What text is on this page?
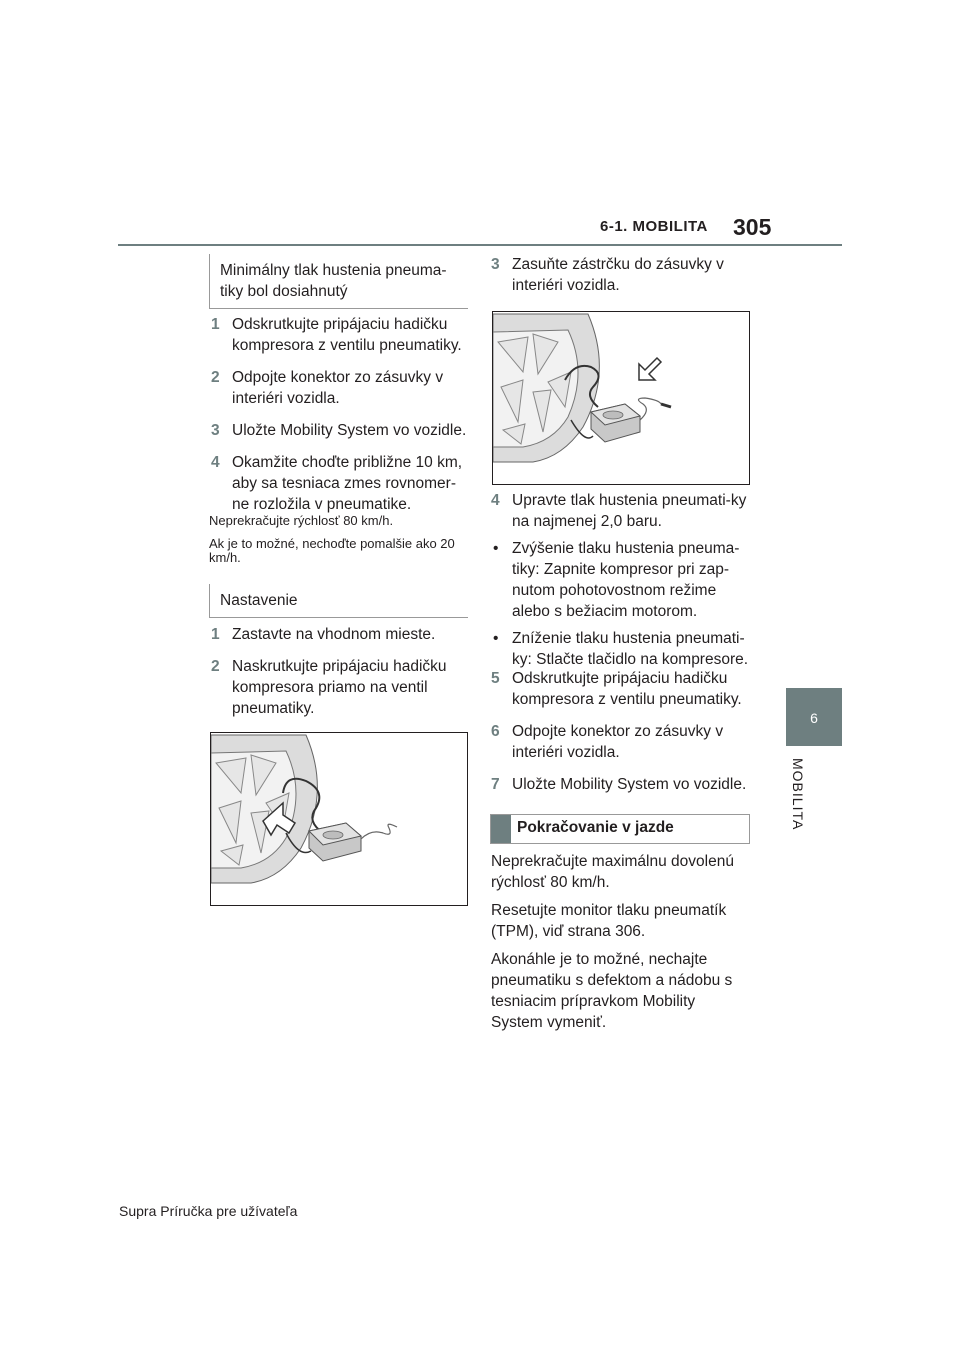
6-1. MOBILITA 305
6
MOBILITA
Minimálny tlak hustenia pneuma-tiky bol dosiahnutý
1 Odskrutkujte pripájaciu hadičku kompresora z ventilu pneumatiky.
2 Odpojte konektor zo zásuvky v interiéri vozidla.
3 Uložte Mobility System vo vozidle.
4 Okamžite choďte približne 10 km, aby sa tesniaca zmes rovnomer-ne rozložila v pneumatike.
Neprekračujte rýchlosť 80 km/h.
Ak je to možné, nechoďte pomalšie ako 20 km/h.
Nastavenie
1 Zastavte na vhodnom mieste.
2 Naskrutkujte pripájaciu hadičku kompresora priamo na ventil pneumatiky.
3 Zasuňte zástrčku do zásuvky v interiéri vozidla.
4 Upravte tlak hustenia pneumati-ky na najmenej 2,0 baru.
• Zvýšenie tlaku hustenia pneuma-tiky: Zapnite kompresor pri zap-nutom pohotovostnom režime alebo s bežiacim motorom.
• Zníženie tlaku hustenia pneumati-ky: Stlačte tlačidlo na kompresore.
5 Odskrutkujte pripájaciu hadičku kompresora z ventilu pneumatiky.
6 Odpojte konektor zo zásuvky v interiéri vozidla.
7 Uložte Mobility System vo vozidle.
Pokračovanie v jazde
Neprekračujte maximálnu dovolenú rýchlosť 80 km/h.
Resetujte monitor tlaku pneumatík (TPM), viď strana 306.
Akonáhle je to možné, nechajte pneumatiku s defektom a nádobu s tesniacim prípravkom Mobility System vymeniť.
Supra Príručka pre užívateľa
